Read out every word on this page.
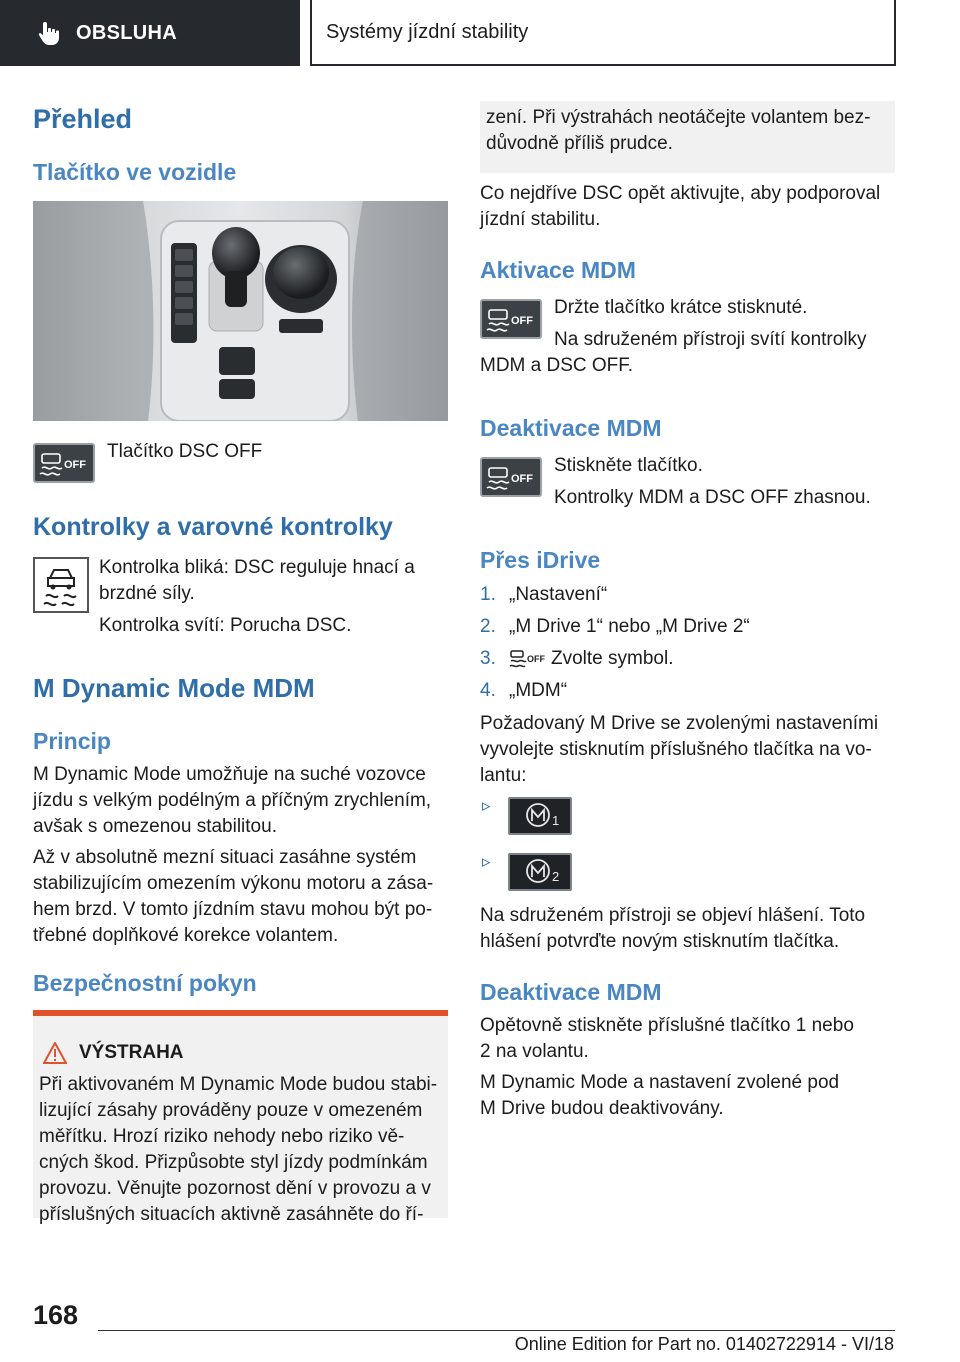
OBSLUHA	Systémy jízdní stability
Přehled
Tlačítko ve vozidle
OFF

Tlačítko DSC OFF

Kontrolky a varovné kontrolky

Kontrolka bliká: DSC reguluje hnací a

brzdné síly.

Kontrolka svítí: Porucha DSC.

M Dynamic Mode MDM
Princip

M Dynamic Mode umožňuje na suché vozovce

jízdu s velkým podélným a příčným zrychlením,

avšak s omezenou stabilitou.

Až v absolutně mezní situaci zasáhne systém

stabilizujícím omezením výkonu motoru a zása-

hem brzd. V tomto jízdním stavu mohou být po-

třebné doplňkové korekce volantem.

Bezpečnostní pokyn
VÝSTRAHA

Při aktivovaném M Dynamic Mode budou stabi-

lizující zásahy prováděny pouze v omezeném

měřítku. Hrozí riziko nehody nebo riziko vě-

cných škod. Přizpůsobte styl jízdy podmínkám

provozu. Věnujte pozornost dění v provozu a v

příslušných situacích aktivně zasáhněte do ří-

zení. Při výstrahách neotáčejte volantem bez-

důvodně příliš prudce.

Co nejdříve DSC opět aktivujte, aby podporoval

jízdní stabilitu.

Aktivace MDM
OFF

Držte tlačítko krátce stisknuté.

Na sdruženém přístroji svítí kontrolky

MDM a DSC OFF.

Deaktivace MDM
OFF

Stiskněte tlačítko.

Kontrolky MDM a DSC OFF zhasnou.

Přes iDrive
1. „Nastavení“
2. „M Drive 1“ nebo „M Drive 2“
3.	OFF Zvolte symbol.
4. „MDM“

Požadovaný M Drive se zvolenými nastaveními

vyvolejte stisknutím příslušného tlačítka na vo-

lantu:

▹
1
▹
2

Na sdruženém přístroji se objeví hlášení. Toto

hlášení potvrďte novým stisknutím tlačítka.

Deaktivace MDM

Opětovně stiskněte příslušné tlačítko 1 nebo

2 na volantu.

M Dynamic Mode a nastavení zvolené pod

M Drive budou deaktivovány.

168
Online Edition for Part no. 01402722914 - VI/18
